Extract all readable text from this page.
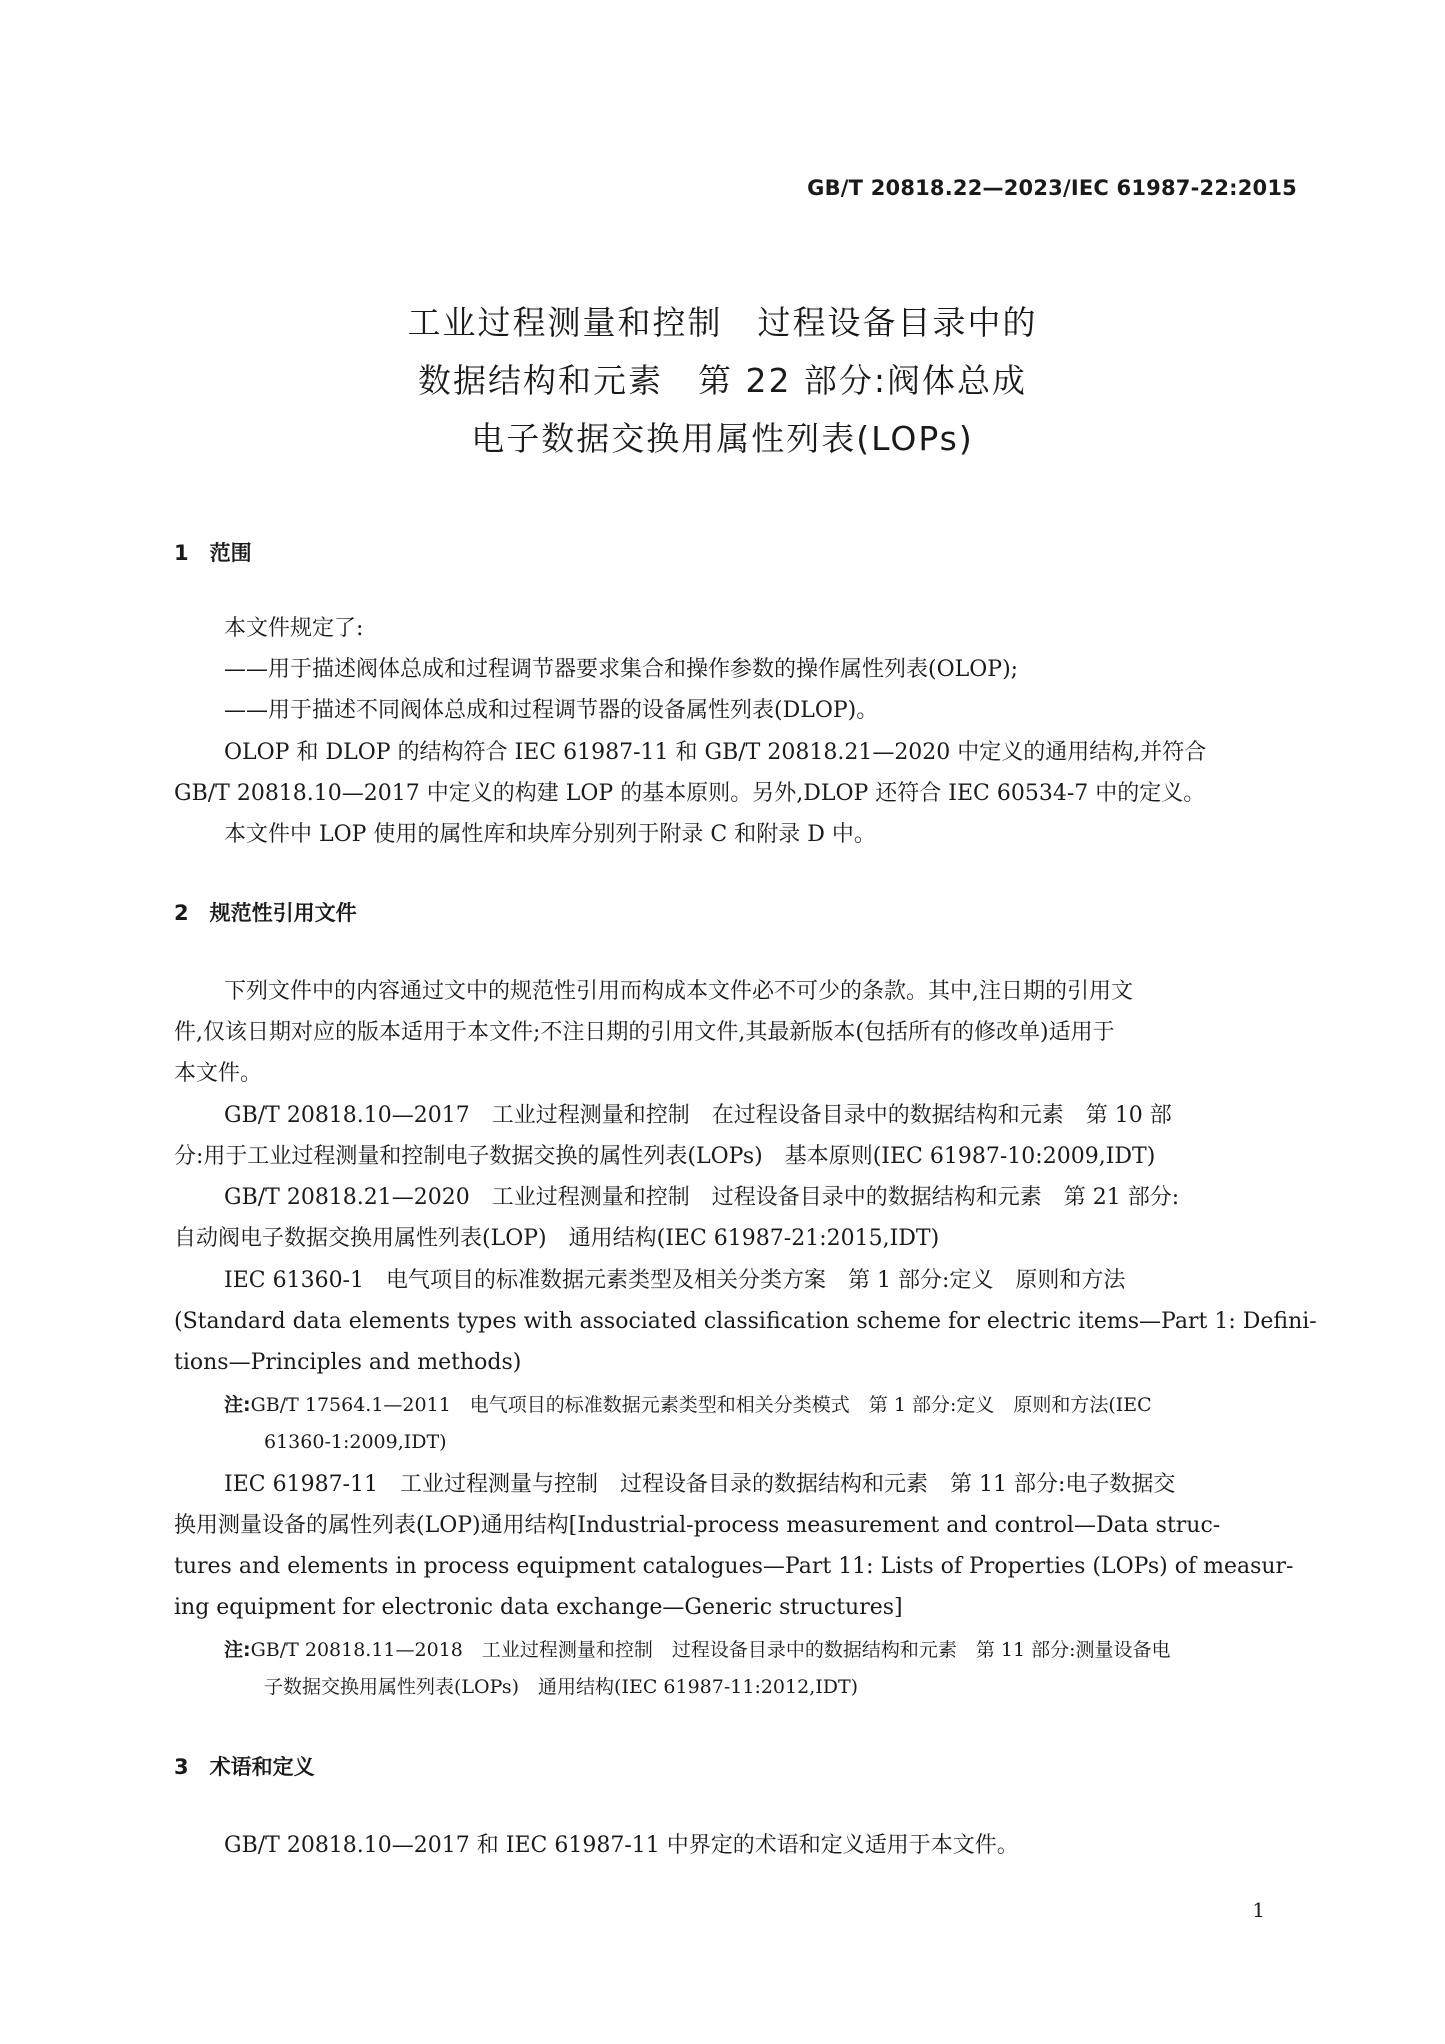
GB/T 20818.22—2023/IEC 61987-22:2015
工业过程测量和控制　过程设备目录中的
数据结构和元素　第 22 部分:阀体总成
电子数据交换用属性列表(LOPs)
1　范围
本文件规定了:
——用于描述阀体总成和过程调节器要求集合和操作参数的操作属性列表(OLOP);
——用于描述不同阀体总成和过程调节器的设备属性列表(DLOP)。
OLOP 和 DLOP 的结构符合 IEC 61987-11 和 GB/T 20818.21—2020 中定义的通用结构,并符合
GB/T 20818.10—2017 中定义的构建 LOP 的基本原则。另外,DLOP 还符合 IEC 60534-7 中的定义。
本文件中 LOP 使用的属性库和块库分别列于附录 C 和附录 D 中。
2　规范性引用文件
下列文件中的内容通过文中的规范性引用而构成本文件必不可少的条款。其中,注日期的引用文
件,仅该日期对应的版本适用于本文件;不注日期的引用文件,其最新版本(包括所有的修改单)适用于
本文件。
GB/T 20818.10—2017　工业过程测量和控制　在过程设备目录中的数据结构和元素　第 10 部
分:用于工业过程测量和控制电子数据交换的属性列表(LOPs)　基本原则(IEC 61987-10:2009,IDT)
GB/T 20818.21—2020　工业过程测量和控制　过程设备目录中的数据结构和元素　第 21 部分:
自动阀电子数据交换用属性列表(LOP)　通用结构(IEC 61987-21:2015,IDT)
IEC 61360-1　电气项目的标准数据元素类型及相关分类方案　第 1 部分:定义　原则和方法
(Standard data elements types with associated classification scheme for electric items—Part 1: Defini-
tions—Principles and methods)
注:GB/T 17564.1—2011　电气项目的标准数据元素类型和相关分类模式　第 1 部分:定义　原则和方法(IEC
61360-1:2009,IDT)
IEC 61987-11　工业过程测量与控制　过程设备目录的数据结构和元素　第 11 部分:电子数据交
换用测量设备的属性列表(LOP)通用结构[Industrial-process measurement and control—Data struc-
tures and elements in process equipment catalogues—Part 11: Lists of Properties (LOPs) of measur-
ing equipment for electronic data exchange—Generic structures]
注:GB/T 20818.11—2018　工业过程测量和控制　过程设备目录中的数据结构和元素　第 11 部分:测量设备电
子数据交换用属性列表(LOPs)　通用结构(IEC 61987-11:2012,IDT)
3　术语和定义
GB/T 20818.10—2017 和 IEC 61987-11 中界定的术语和定义适用于本文件。
1
